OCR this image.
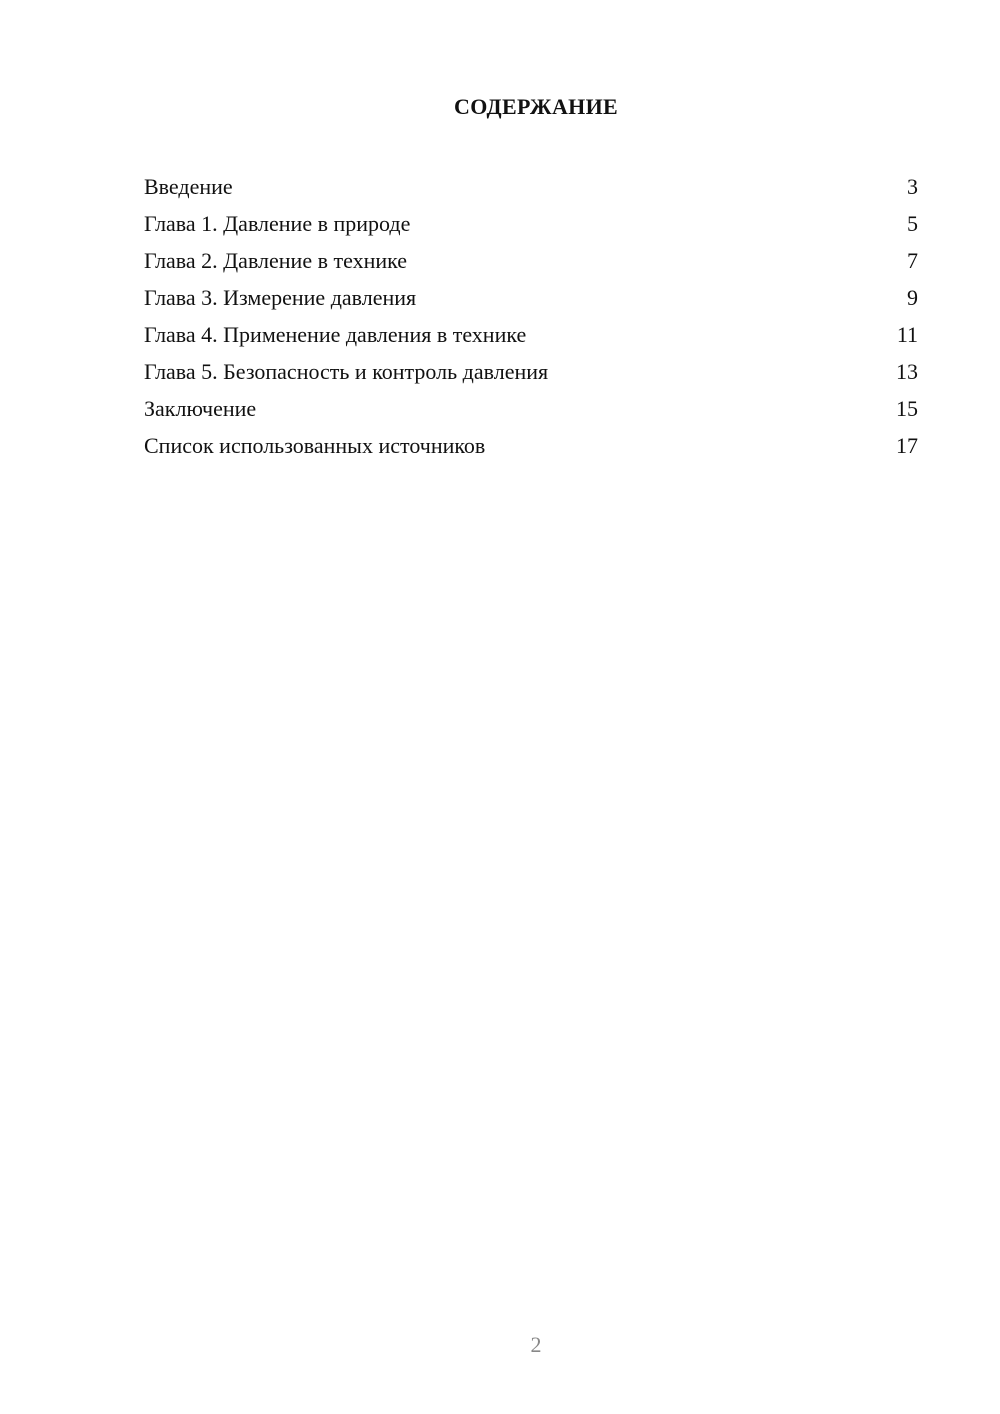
СОДЕРЖАНИЕ
Введение	3
Глава 1. Давление в природе	5
Глава 2. Давление в технике	7
Глава 3. Измерение давления	9
Глава 4. Применение давления в технике	11
Глава 5. Безопасность и контроль давления	13
Заключение	15
Список использованных источников	17
2
